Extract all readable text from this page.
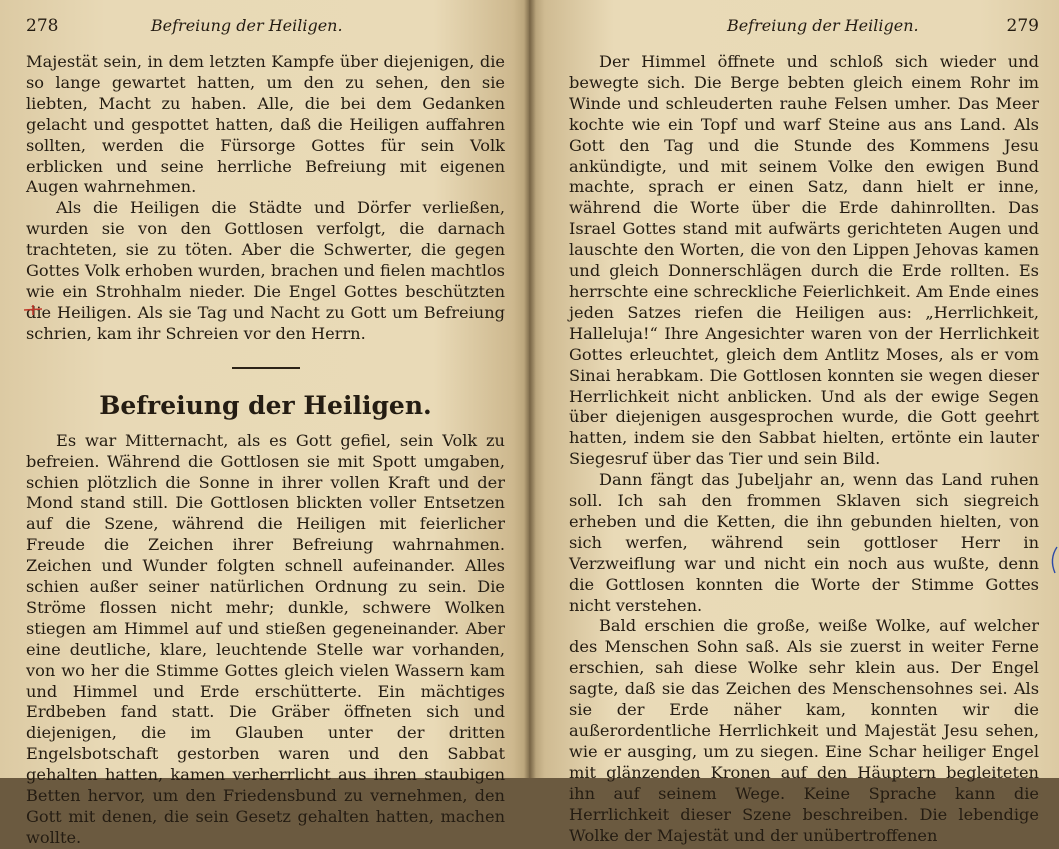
278	Befreiung der Heiligen.

Majestät sein, in dem letzten Kampfe über diejenigen, die so lange gewartet hatten, um den zu sehen, den sie liebten, Macht zu haben. Alle, die bei dem Gedanken gelacht und gespottet hatten, daß die Heiligen auffahren sollten, werden die Fürsorge Gottes für sein Volk erblicken und seine herrliche Befreiung mit eigenen Augen wahrnehmen.

Als die Heiligen die Städte und Dörfer verließen, wurden sie von den Gottlosen verfolgt, die darnach trachteten, sie zu töten. Aber die Schwerter, die gegen Gottes Volk erhoben wurden, brachen und fielen machtlos wie ein Strohhalm nieder. Die Engel Gottes beschützten die Heiligen. Als sie Tag und Nacht zu Gott um Befreiung schrien, kam ihr Schreien vor den Herrn.

Befreiung der Heiligen.

Es war Mitternacht, als es Gott gefiel, sein Volk zu befreien. Während die Gottlosen sie mit Spott umgaben, schien plötzlich die Sonne in ihrer vollen Kraft und der Mond stand still. Die Gottlosen blickten voller Entsetzen auf die Szene, während die Heiligen mit feierlicher Freude die Zeichen ihrer Befreiung wahrnahmen. Zeichen und Wunder folgten schnell aufeinander. Alles schien außer seiner natürlichen Ordnung zu sein. Die Ströme flossen nicht mehr; dunkle, schwere Wolken stiegen am Himmel auf und stießen gegeneinander. Aber eine deutliche, klare, leuchtende Stelle war vorhanden, von wo her die Stimme Gottes gleich vielen Wassern kam und Himmel und Erde erschütterte. Ein mächtiges Erdbeben fand statt. Die Gräber öffneten sich und diejenigen, die im Glauben unter der dritten Engelsbotschaft gestorben waren und den Sabbat gehalten hatten, kamen verherrlicht aus ihren staubigen Betten hervor, um den Friedensbund zu vernehmen, den Gott mit denen, die sein Gesetz gehalten hatten, machen wollte.

Befreiung der Heiligen.	279

Der Himmel öffnete und schloß sich wieder und bewegte sich. Die Berge bebten gleich einem Rohr im Winde und schleuderten rauhe Felsen umher. Das Meer kochte wie ein Topf und warf Steine aus ans Land. Als Gott den Tag und die Stunde des Kommens Jesu ankündigte, und mit seinem Volke den ewigen Bund machte, sprach er einen Satz, dann hielt er inne, während die Worte über die Erde dahinrollten. Das Israel Gottes stand mit aufwärts gerichteten Augen und lauschte den Worten, die von den Lippen Jehovas kamen und gleich Donnerschlägen durch die Erde rollten. Es herrschte eine schreckliche Feierlichkeit. Am Ende eines jeden Satzes riefen die Heiligen aus: „Herrlichkeit, Halleluja!“ Ihre Angesichter waren von der Herrlichkeit Gottes erleuchtet, gleich dem Antlitz Moses, als er vom Sinai herabkam. Die Gottlosen konnten sie wegen dieser Herrlichkeit nicht anblicken. Und als der ewige Segen über diejenigen ausgesprochen wurde, die Gott geehrt hatten, indem sie den Sabbat hielten, ertönte ein lauter Siegesruf über das Tier und sein Bild.

Dann fängt das Jubeljahr an, wenn das Land ruhen soll. Ich sah den frommen Sklaven sich siegreich erheben und die Ketten, die ihn gebunden hielten, von sich werfen, während sein gottloser Herr in Verzweiflung war und nicht ein noch aus wußte, denn die Gottlosen konnten die Worte der Stimme Gottes nicht verstehen.

Bald erschien die große, weiße Wolke, auf welcher des Menschen Sohn saß. Als sie zuerst in weiter Ferne erschien, sah diese Wolke sehr klein aus. Der Engel sagte, daß sie das Zeichen des Menschensohnes sei. Als sie der Erde näher kam, konnten wir die außerordentliche Herrlichkeit und Majestät Jesu sehen, wie er ausging, um zu siegen. Eine Schar heiliger Engel mit glänzenden Kronen auf den Häuptern begleiteten ihn auf seinem Wege. Keine Sprache kann die Herrlichkeit dieser Szene beschreiben. Die lebendige Wolke der Majestät und der unübertroffenen
